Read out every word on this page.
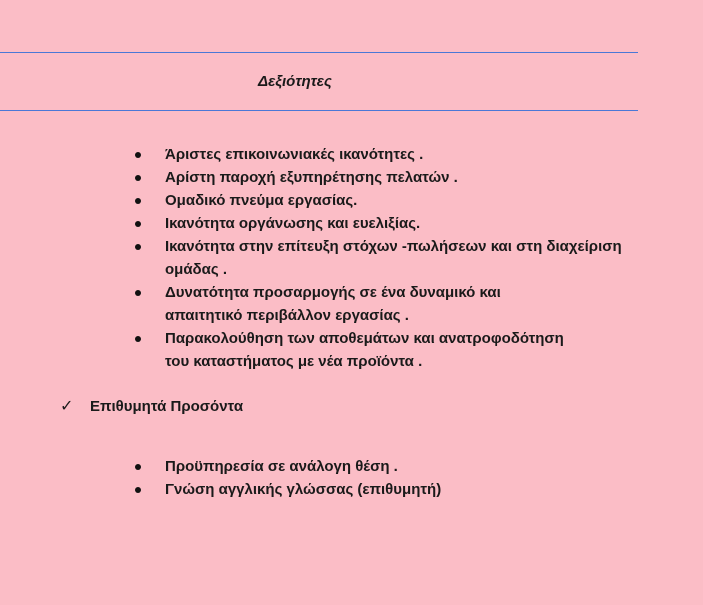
Δεξιότητες
Άριστες επικοινωνιακές ικανότητες .
Αρίστη παροχή εξυπηρέτησης πελατών .
Ομαδικό πνεύμα εργασίας.
Ικανότητα οργάνωσης και ευελιξίας.
Ικανότητα στην επίτευξη στόχων -πωλήσεων και στη διαχείριση
ομάδας .
Δυνατότητα προσαρμογής σε ένα δυναμικό και
απαιτητικό περιβάλλον εργασίας .
Παρακολούθηση των αποθεμάτων και ανατροφοδότηση
του καταστήματος με νέα προϊόντα .
✓ Επιθυμητά Προσόντα
Προϋπηρεσία σε ανάλογη θέση .
Γνώση αγγλικής γλώσσας (επιθυμητή)
